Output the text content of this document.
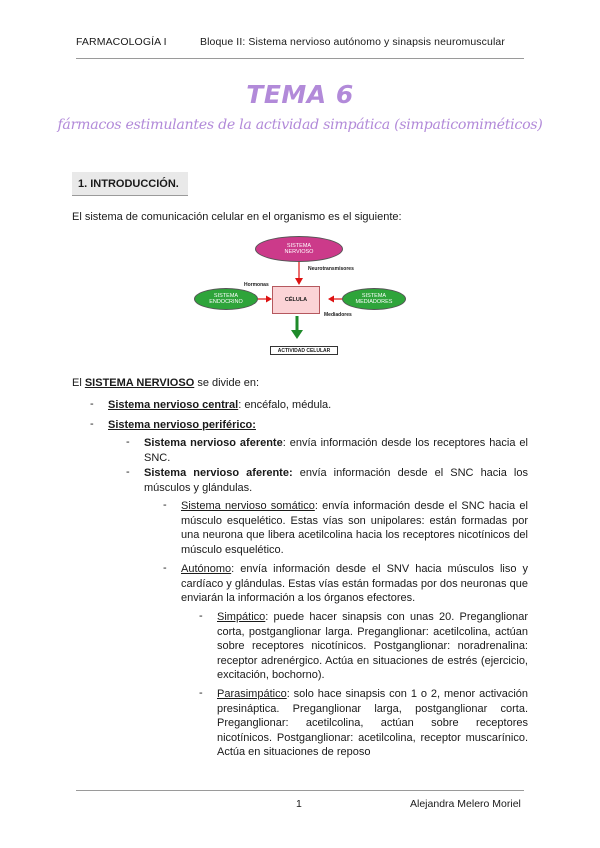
FARMACOLOGÍA I	Bloque II: Sistema nervioso autónomo y sinapsis neuromuscular
TEMA 6
fármacos estimulantes de la actividad simpática (simpaticomiméticos)
1. INTRODUCCIÓN.
El sistema de comunicación celular en el organismo es el siguiente:
SISTEMA
NERVIOSO
Neurotransmisores
Hormonas
SISTEMA
ENDOCRINO	CÉLULA
SISTEMA
MEDIADORES
Mediadores
ACTIVIDAD CELULAR
El SISTEMA NERVIOSO se divide en:
- Sistema nervioso central: encéfalo, médula.
- Sistema nervioso periférico:
- Sistema nervioso aferente: envía información desde los receptores hacia el SNC.
- Sistema nervioso aferente: envía información desde el SNC hacia los músculos y glándulas.
- Sistema nervioso somático: envía información desde el SNC hacia el músculo esquelético. Estas vías son unipolares: están formadas por una neurona que libera acetilcolina hacia los receptores nicotínicos del músculo esquelético.
- Autónomo: envía información desde el SNV hacia músculos liso y cardíaco y glándulas. Estas vías están formadas por dos neuronas que enviarán la información a los órganos efectores.
- Simpático: puede hacer sinapsis con unas 20. Preganglionar corta, postganglionar larga. Preganglionar: acetilcolina, actúan sobre receptores nicotínicos. Postganglionar: noradrenalina: receptor adrenérgico. Actúa en situaciones de estrés (ejercicio, excitación, bochorno).
- Parasimpático: solo hace sinapsis con 1 o 2, menor activación presináptica. Preganglionar larga, postganglionar corta. Preganglionar: acetilcolina, actúan sobre receptores nicotínicos. Postganglionar: acetilcolina, receptor muscarínico. Actúa en situaciones de reposo
1	Alejandra Melero Moriel
